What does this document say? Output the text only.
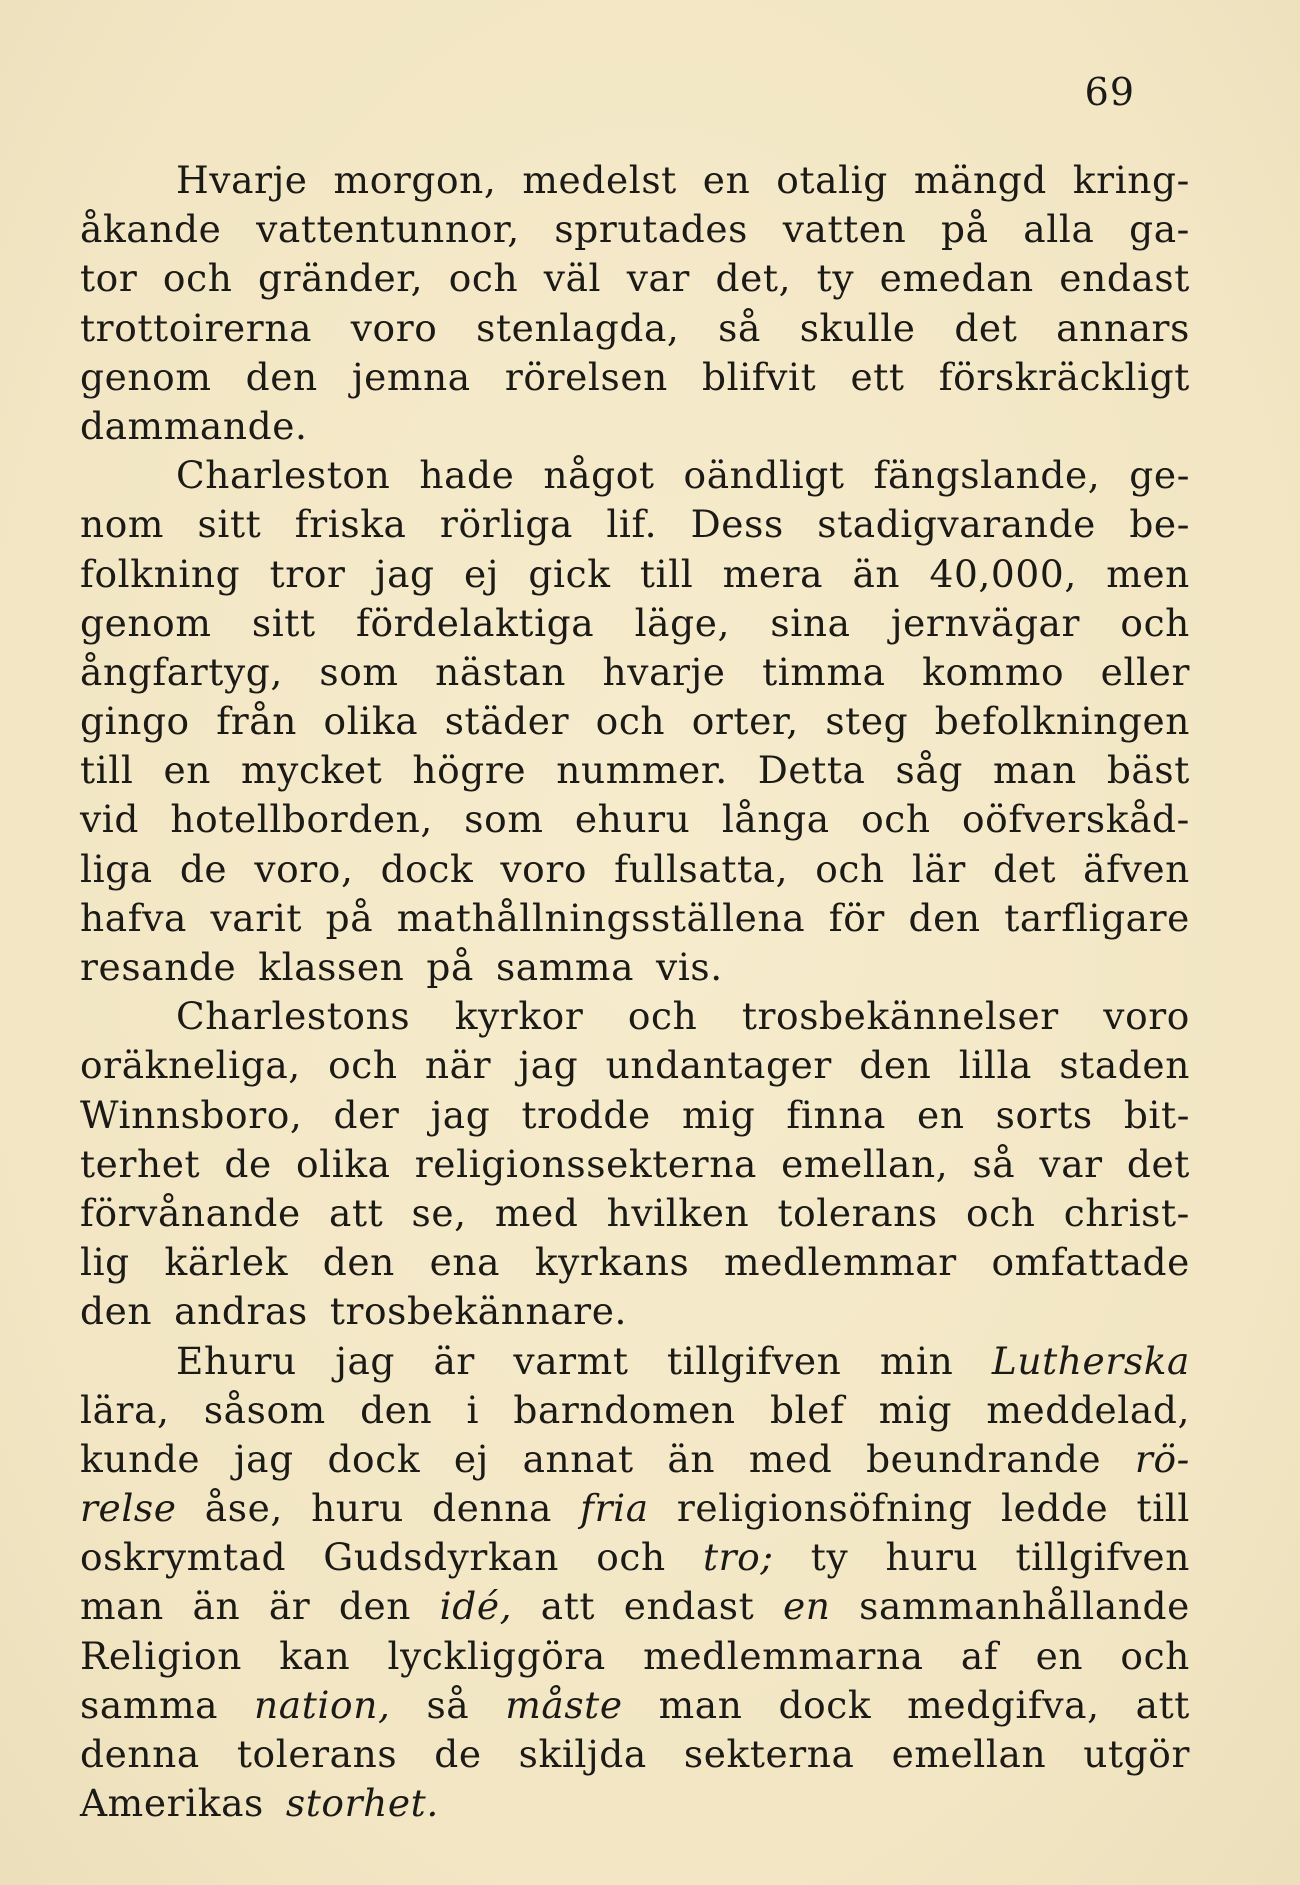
69
Hvarje morgon, medelst en otalig mängd kring-
åkande vattentunnor, sprutades vatten på alla ga-
tor och gränder, och väl var det, ty emedan endast
trottoirerna voro stenlagda, så skulle det annars
genom den jemna rörelsen blifvit ett förskräckligt
dammande.
Charleston hade något oändligt fängslande, ge-
nom sitt friska rörliga lif. Dess stadigvarande be-
folkning tror jag ej gick till mera än 40,000, men
genom sitt fördelaktiga läge, sina jernvägar och
ångfartyg, som nästan hvarje timma kommo eller
gingo från olika städer och orter, steg befolkningen
till en mycket högre nummer. Detta såg man bäst
vid hotellborden, som ehuru långa och oöfverskåd-
liga de voro, dock voro fullsatta, och lär det äfven
hafva varit på mathållningsställena för den tarfligare
resande klassen på samma vis.
Charlestons kyrkor och trosbekännelser voro
oräkneliga, och när jag undantager den lilla staden
Winnsboro, der jag trodde mig finna en sorts bit-
terhet de olika religionssekterna emellan, så var det
förvånande att se, med hvilken tolerans och christ-
lig kärlek den ena kyrkans medlemmar omfattade
den andras trosbekännare.
Ehuru jag är varmt tillgifven min Lutherska
lära, såsom den i barndomen blef mig meddelad,
kunde jag dock ej annat än med beundrande rö-
relse åse, huru denna fria religionsöfning ledde till
oskrymtad Gudsdyrkan och tro; ty huru tillgifven
man än är den idé, att endast en sammanhållande
Religion kan lyckliggöra medlemmarna af en och
samma nation, så måste man dock medgifva, att
denna tolerans de skiljda sekterna emellan utgör
Amerikas storhet.
